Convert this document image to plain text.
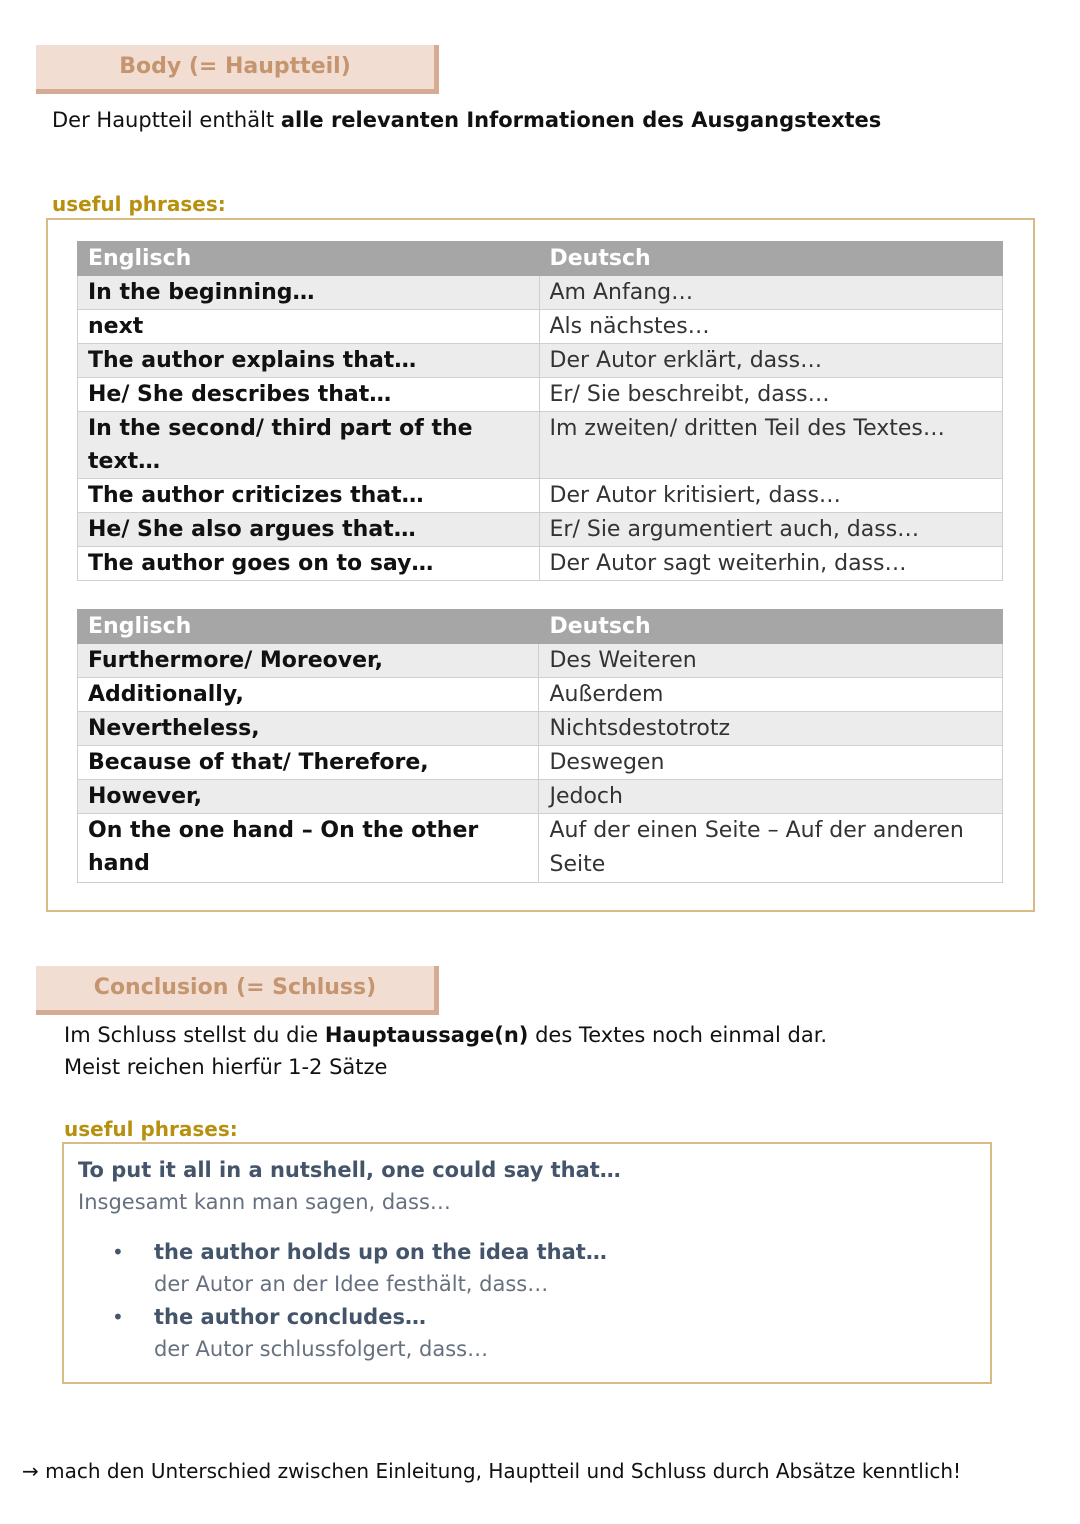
Body (= Hauptteil)
Der Hauptteil enthält alle relevanten Informationen des Ausgangstextes
useful phrases:
Englisch	Deutsch
In the beginning…	Am Anfang…
next	Als nächstes…
The author explains that…	Der Autor erklärt, dass…
He/ She describes that…	Er/ Sie beschreibt, dass…
In the second/ third part of the text…	Im zweiten/ dritten Teil des Textes…
The author criticizes that…	Der Autor kritisiert, dass…
He/ She also argues that…	Er/ Sie argumentiert auch, dass…
The author goes on to say…	Der Autor sagt weiterhin, dass…
Englisch	Deutsch
Furthermore/ Moreover,	Des Weiteren
Additionally,	Außerdem
Nevertheless,	Nichtsdestotrotz
Because of that/ Therefore,	Deswegen
However,	Jedoch
On the one hand – On the other hand	Auf der einen Seite – Auf der anderen Seite
Conclusion (= Schluss)
Im Schluss stellst du die Hauptaussage(n) des Textes noch einmal dar.
Meist reichen hierfür 1-2 Sätze
useful phrases:
To put it all in a nutshell, one could say that…
Insgesamt kann man sagen, dass…
• the author holds up on the idea that…
der Autor an der Idee festhält, dass…
• the author concludes…
der Autor schlussfolgert, dass…
→ mach den Unterschied zwischen Einleitung, Hauptteil und Schluss durch Absätze kenntlich!
